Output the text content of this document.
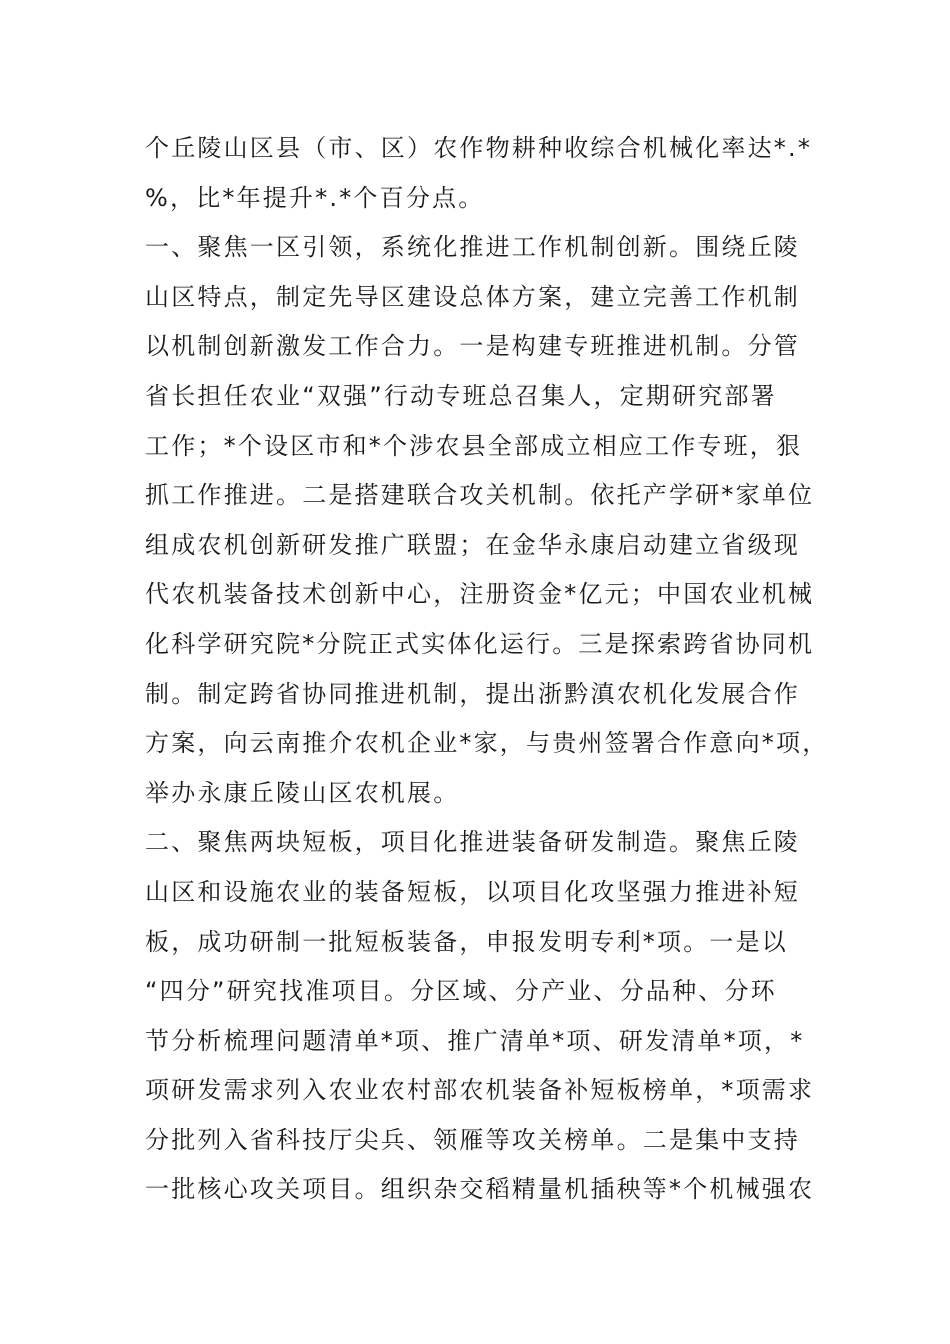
个丘陵山区县（市、区）农作物耕种收综合机械化率达*.*
%，比*年提升*.*个百分点。
一、聚焦一区引领，系统化推进工作机制创新。围绕丘陵
山区特点，制定先导区建设总体方案，建立完善工作机制
以机制创新激发工作合力。一是构建专班推进机制。分管
省长担任农业“双强”行动专班总召集人，定期研究部署
工作；*个设区市和*个涉农县全部成立相应工作专班，狠
抓工作推进。二是搭建联合攻关机制。依托产学研*家单位
组成农机创新研发推广联盟；在金华永康启动建立省级现
代农机装备技术创新中心，注册资金*亿元；中国农业机械
化科学研究院*分院正式实体化运行。三是探索跨省协同机
制。制定跨省协同推进机制，提出浙黔滇农机化发展合作
方案，向云南推介农机企业*家，与贵州签署合作意向*项，
举办永康丘陵山区农机展。
二、聚焦两块短板，项目化推进装备研发制造。聚焦丘陵
山区和设施农业的装备短板，以项目化攻坚强力推进补短
板，成功研制一批短板装备，申报发明专利*项。一是以
“四分”研究找准项目。分区域、分产业、分品种、分环
节分析梳理问题清单*项、推广清单*项、研发清单*项，*
项研发需求列入农业农村部农机装备补短板榜单，*项需求
分批列入省科技厅尖兵、领雁等攻关榜单。二是集中支持
一批核心攻关项目。组织杂交稻精量机插秧等*个机械强农
